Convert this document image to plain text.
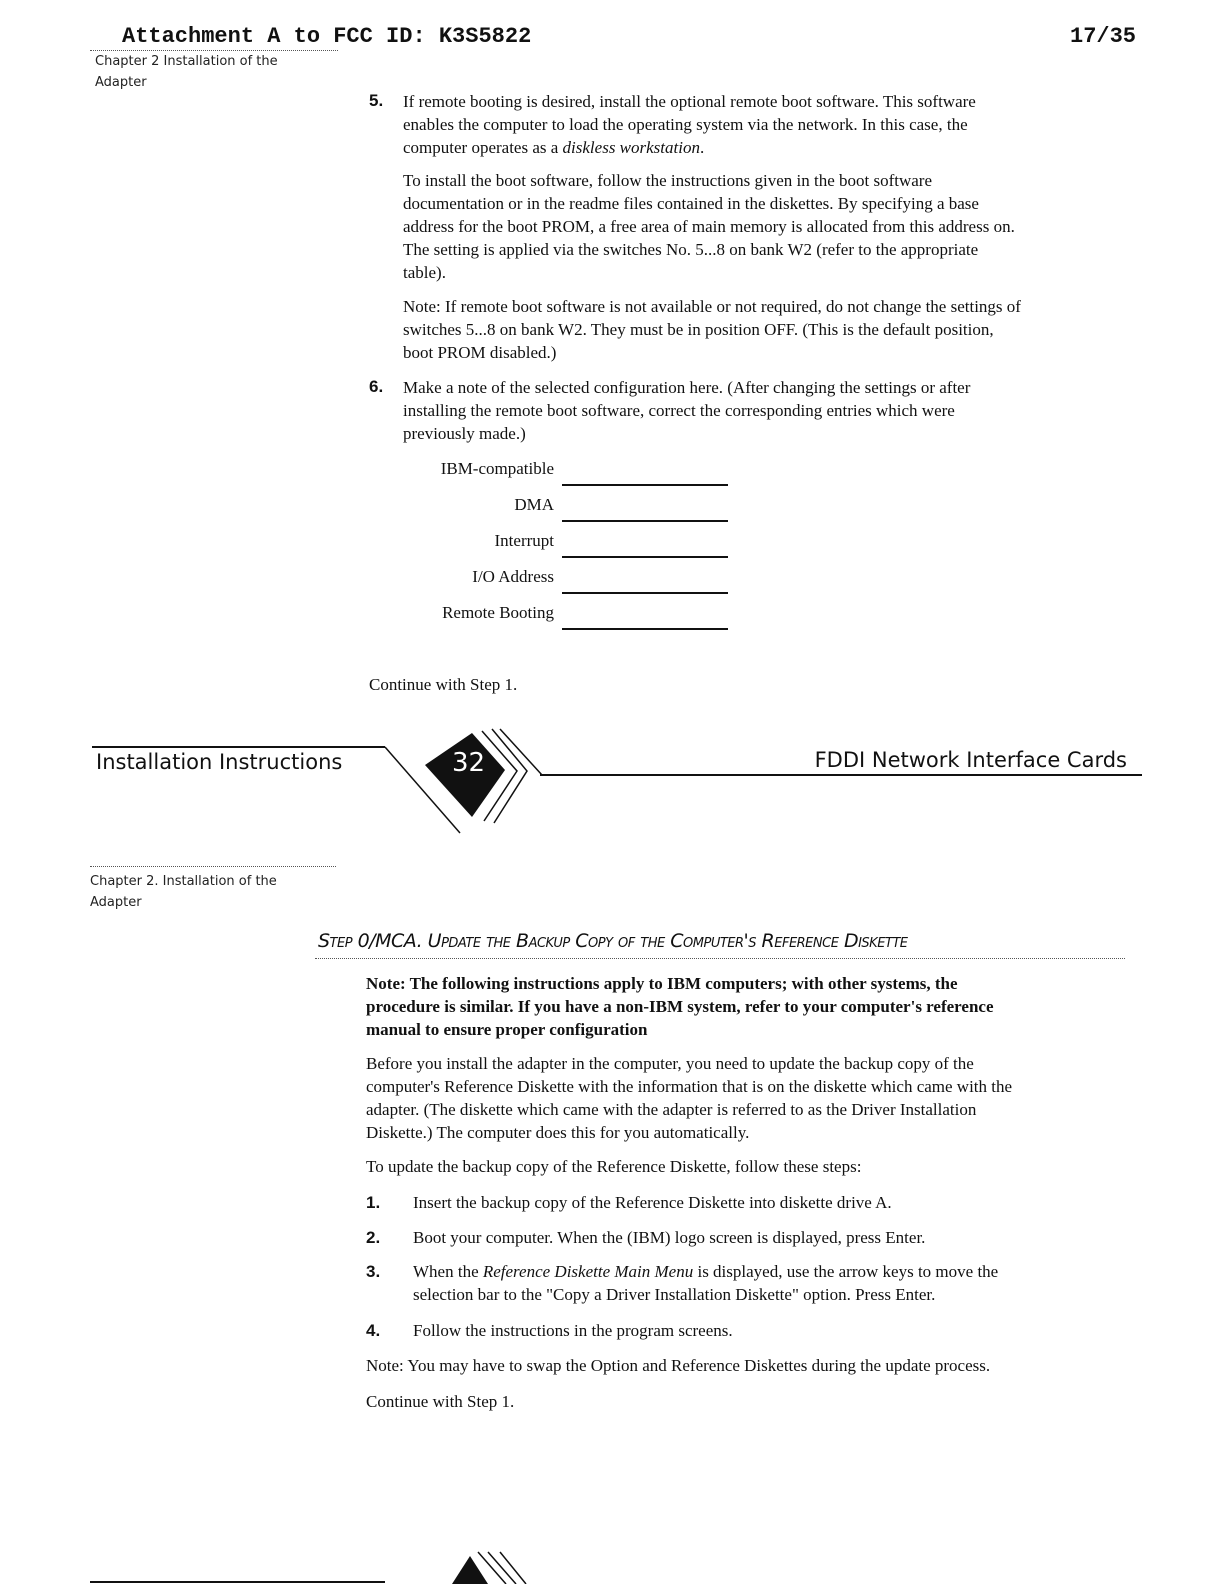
Attachment A to FCC ID: K3S5822	17/35
Chapter 2 Installation of the
Adapter
5. If remote booting is desired, install the optional remote boot software. This software
enables the computer to load the operating system via the network. In this case, the
computer operates as a diskless workstation.
To install the boot software, follow the instructions given in the boot software
documentation or in the readme files contained in the diskettes. By specifying a base
address for the boot PROM, a free area of main memory is allocated from this address on.
The setting is applied via the switches No. 5...8 on bank W2 (refer to the appropriate
table).
Note: If remote boot software is not available or not required, do not change the settings of
switches 5...8 on bank W2. They must be in position OFF. (This is the default position,
boot PROM disabled.)
6. Make a note of the selected configuration here. (After changing the settings or after
installing the remote boot software, correct the corresponding entries which were
previously made.)
IBM-compatible
DMA
Interrupt
I/O Address
Remote Booting
Continue with Step 1.
Installation Instructions	32	FDDI Network Interface Cards
Chapter 2. Installation of the
Adapter
Step 0/MCA. Update the Backup Copy of the Computer's Reference Diskette
Note: The following instructions apply to IBM computers; with other systems, the
procedure is similar. If you have a non-IBM system, refer to your computer's reference
manual to ensure proper configuration
Before you install the adapter in the computer, you need to update the backup copy of the
computer's Reference Diskette with the information that is on the diskette which came with the
adapter. (The diskette which came with the adapter is referred to as the Driver Installation
Diskette.) The computer does this for you automatically.
To update the backup copy of the Reference Diskette, follow these steps:
1. Insert the backup copy of the Reference Diskette into diskette drive A.
2. Boot your computer. When the (IBM) logo screen is displayed, press Enter.
3. When the Reference Diskette Main Menu is displayed, use the arrow keys to move the
selection bar to the "Copy a Driver Installation Diskette" option. Press Enter.
4. Follow the instructions in the program screens.
Note: You may have to swap the Option and Reference Diskettes during the update process.
Continue with Step 1.
